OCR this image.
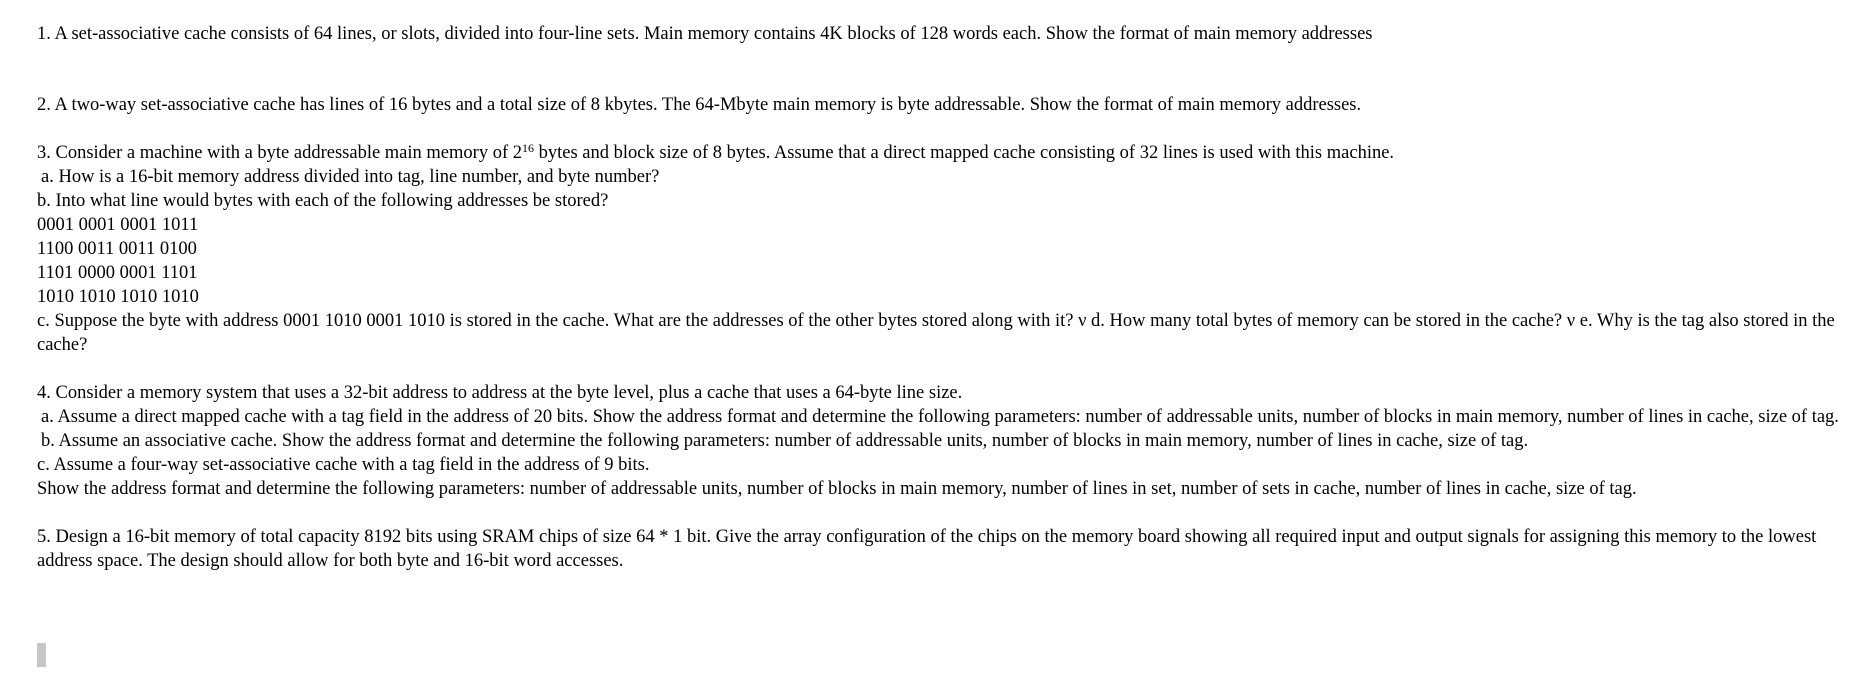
1. A set-associative cache consists of 64 lines, or slots, divided into four-line sets. Main memory contains 4K blocks of 128 words each. Show the format of main memory addresses
2. A two-way set-associative cache has lines of 16 bytes and a total size of 8 kbytes. The 64-Mbyte main memory is byte addressable. Show the format of main memory addresses.
3. Consider a machine with a byte addressable main memory of $2^{16}$ bytes and block size of 8 bytes. Assume that a direct mapped cache consisting of 32 lines is used with this machine.
a. How is a 16-bit memory address divided into tag, line number, and byte number?
b. Into what line would bytes with each of the following addresses be stored?
0001 0001 0001 1011
1100 0011 0011 0100
1101 0000 0001 1101
1010 1010 1010 1010
c. Suppose the byte with address 0001 1010 0001 1010 is stored in the cache. What are the addresses of the other bytes stored along with it? ν d. How many total bytes of memory can be stored in the cache? ν e. Why is the tag also stored in the cache?
4. Consider a memory system that uses a 32-bit address to address at the byte level, plus a cache that uses a 64-byte line size.
a. Assume a direct mapped cache with a tag field in the address of 20 bits. Show the address format and determine the following parameters: number of addressable units, number of blocks in main memory, number of lines in cache, size of tag.
b. Assume an associative cache. Show the address format and determine the following parameters: number of addressable units, number of blocks in main memory, number of lines in cache, size of tag.
c. Assume a four-way set-associative cache with a tag field in the address of 9 bits.
Show the address format and determine the following parameters: number of addressable units, number of blocks in main memory, number of lines in set, number of sets in cache, number of lines in cache, size of tag.
5. Design a 16-bit memory of total capacity 8192 bits using SRAM chips of size 64 * 1 bit. Give the array configuration of the chips on the memory board showing all required input and output signals for assigning this memory to the lowest address space. The design should allow for both byte and 16-bit word accesses.
